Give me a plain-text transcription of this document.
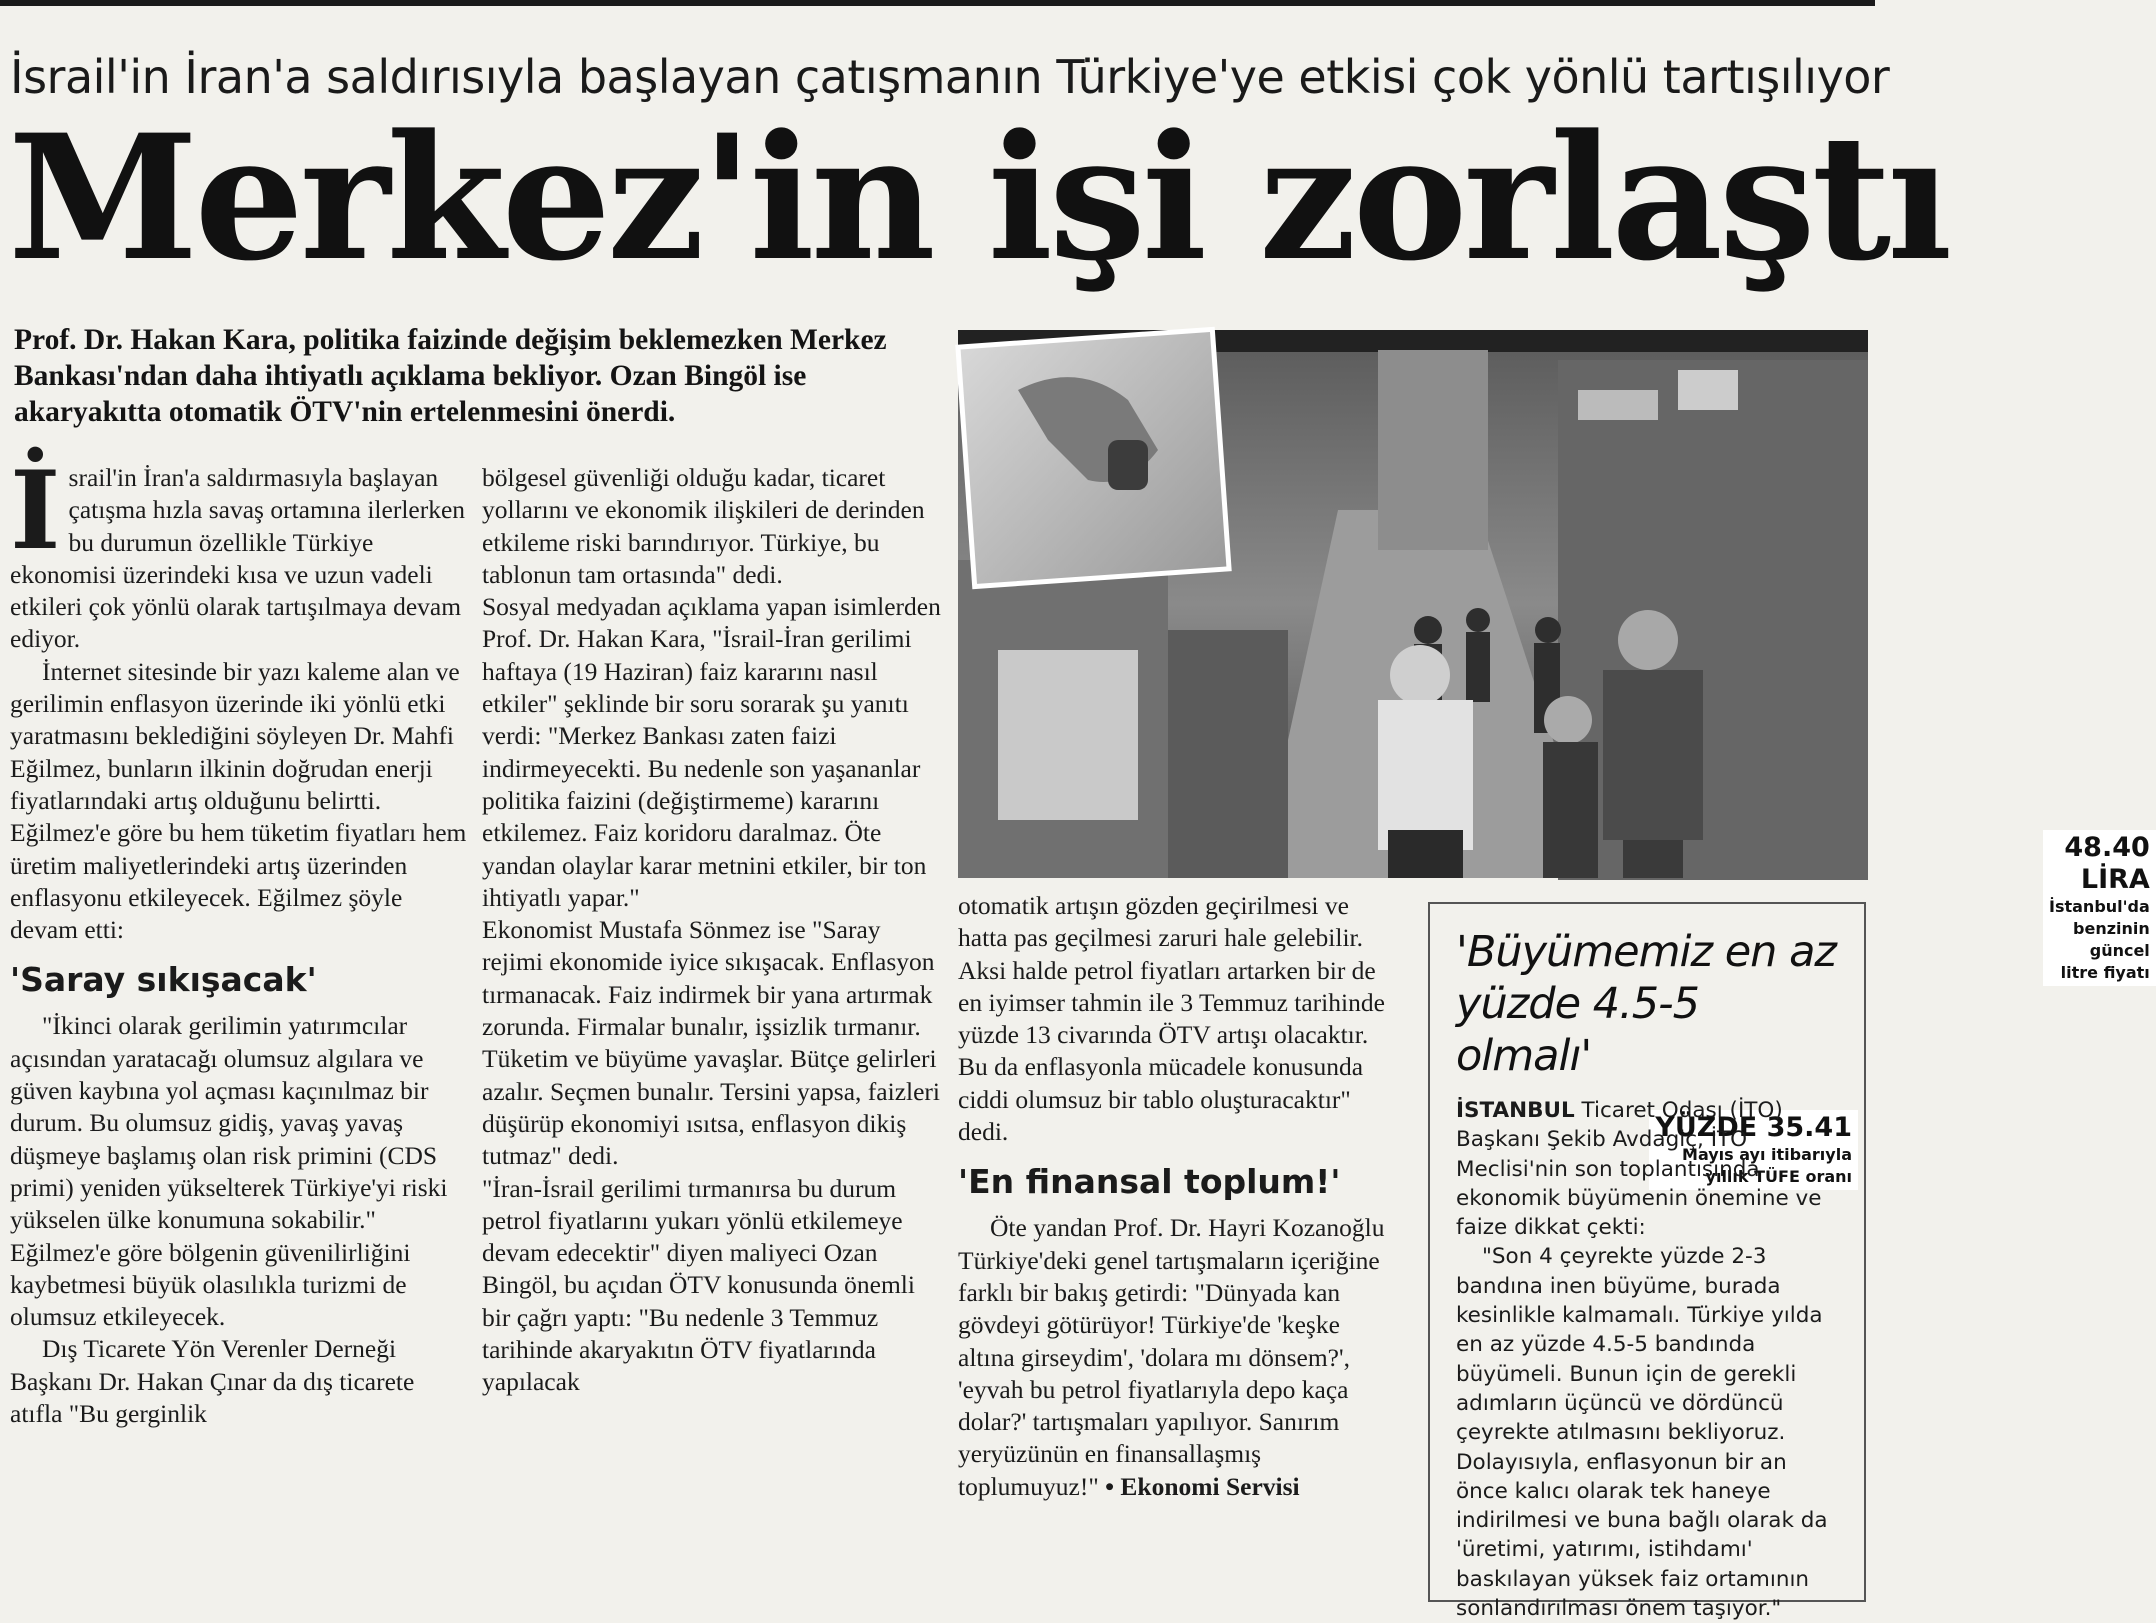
İsrail'in İran'a saldırısıyla başlayan çatışmanın Türkiye'ye etkisi çok yönlü tartışılıyor
Merkez'in işi zorlaştı
Prof. Dr. Hakan Kara, politika faizinde değişim beklemezken Merkez Bankası'ndan daha ihtiyatlı açıklama bekliyor. Ozan Bingöl ise akaryakıtta otomatik ÖTV'nin ertelenmesini önerdi.
İ srail'in İran'a saldırmasıyla başlayan çatışma hızla savaş ortamına ilerlerken bu durumun özellikle Türkiye ekonomisi üzerindeki kısa ve uzun vadeli etkileri çok yönlü olarak tartışılmaya devam ediyor.

İnternet sitesinde bir yazı kaleme alan ve gerilimin enflasyon üzerinde iki yönlü etki yaratmasını beklediğini söyleyen Dr. Mahfi Eğilmez, bunların ilkinin doğrudan enerji fiyatlarındaki artış olduğunu belirtti. Eğilmez'e göre bu hem tüketim fiyatları hem üretim maliyetlerindeki artış üzerinden enflasyonu etkileyecek. Eğilmez şöyle devam etti:

'Saray sıkışacak'

"İkinci olarak gerilimin yatırımcılar açısından yaratacağı olumsuz algılara ve güven kaybına yol açması kaçınılmaz bir durum. Bu olumsuz gidiş, yavaş yavaş düşmeye başlamış olan risk primini (CDS primi) yeniden yükselterek Türkiye'yi riski yükselen ülke konumuna sokabilir." Eğilmez'e göre bölgenin güvenilirliğini kaybetmesi büyük olasılıkla turizmi de olumsuz etkileyecek.

Dış Ticarete Yön Verenler Derneği Başkanı Dr. Hakan Çınar da dış ticarete atıfla "Bu gerginlik

bölgesel güvenliği olduğu kadar, ticaret yollarını ve ekonomik ilişkileri de derinden etkileme riski barındırıyor. Türkiye, bu tablonun tam ortasında" dedi.

Sosyal medyadan açıklama yapan isimlerden Prof. Dr. Hakan Kara, "İsrail-İran gerilimi haftaya (19 Haziran) faiz kararını nasıl etkiler" şeklinde bir soru sorarak şu yanıtı verdi: "Merkez Bankası zaten faizi indirmeyecekti. Bu nedenle son yaşananlar politika faizini (değiştirmeme) kararını etkilemez. Faiz koridoru daralmaz. Öte yandan olaylar karar metnini etkiler, bir ton ihtiyatlı yapar."

Ekonomist Mustafa Sönmez ise "Saray rejimi ekonomide iyice sıkışacak. Enflasyon tırmanacak. Faiz indirmek bir yana artırmak zorunda. Firmalar bunalır, işsizlik tırmanır. Tüketim ve büyüme yavaşlar. Bütçe gelirleri azalır. Seçmen bunalır. Tersini yapsa, faizleri düşürüp ekonomiyi ısıtsa, enflasyon dikiş tutmaz" dedi.

"İran-İsrail gerilimi tırmanırsa bu durum petrol fiyatlarını yukarı yönlü etkilemeye devam edecektir" diyen maliyeci Ozan Bingöl, bu açıdan ÖTV konusunda önemli bir çağrı yaptı: "Bu nedenle 3 Temmuz tarihinde akaryakıtın ÖTV fiyatlarında yapılacak

48.40 LİRA
İstanbul'da benzinin
güncel litre fiyatı
YÜZDE 35.41
Mayıs ayı itibarıyla
yıllık TÜFE oranı

otomatik artışın gözden geçirilmesi ve hatta pas geçilmesi zaruri hale gelebilir. Aksi halde petrol fiyatları artarken bir de en iyimser tahmin ile 3 Temmuz tarihinde yüzde 13 civarında ÖTV artışı olacaktır. Bu da enflasyonla mücadele konusunda ciddi olumsuz bir tablo oluşturacaktır" dedi.

'En finansal toplum!'

Öte yandan Prof. Dr. Hayri Kozanoğlu Türkiye'deki genel tartışmaların içeriğine farklı bir bakış getirdi: "Dünyada kan gövdeyi götürüyor! Türkiye'de 'keşke altına girseydim', 'dolara mı dönsem?', 'eyvah bu petrol fiyatlarıyla depo kaça dolar?' tartışmaları yapılıyor. Sanırım yeryüzünün en finansallaşmış toplumuyuz!" • Ekonomi Servisi

'Büyümemiz en az yüzde 4.5-5 olmalı'

İSTANBUL Ticaret Odası (İTO) Başkanı Şekib Avdagiç, İTO Meclisi'nin son toplantısında ekonomik büyümenin önemine ve faize dikkat çekti:

"Son 4 çeyrekte yüzde 2-3 bandına inen büyüme, burada kesinlikle kalmamalı. Türkiye yılda en az yüzde 4.5-5 bandında büyümeli. Bunun için de gerekli adımların üçüncü ve dördüncü çeyrekte atılmasını bekliyoruz. Dolayısıyla, enflasyonun bir an önce kalıcı olarak tek haneye indirilmesi ve buna bağlı olarak da 'üretimi, yatırımı, istihdamı' baskılayan yüksek faiz ortamının sonlandırılması önem taşıyor."
